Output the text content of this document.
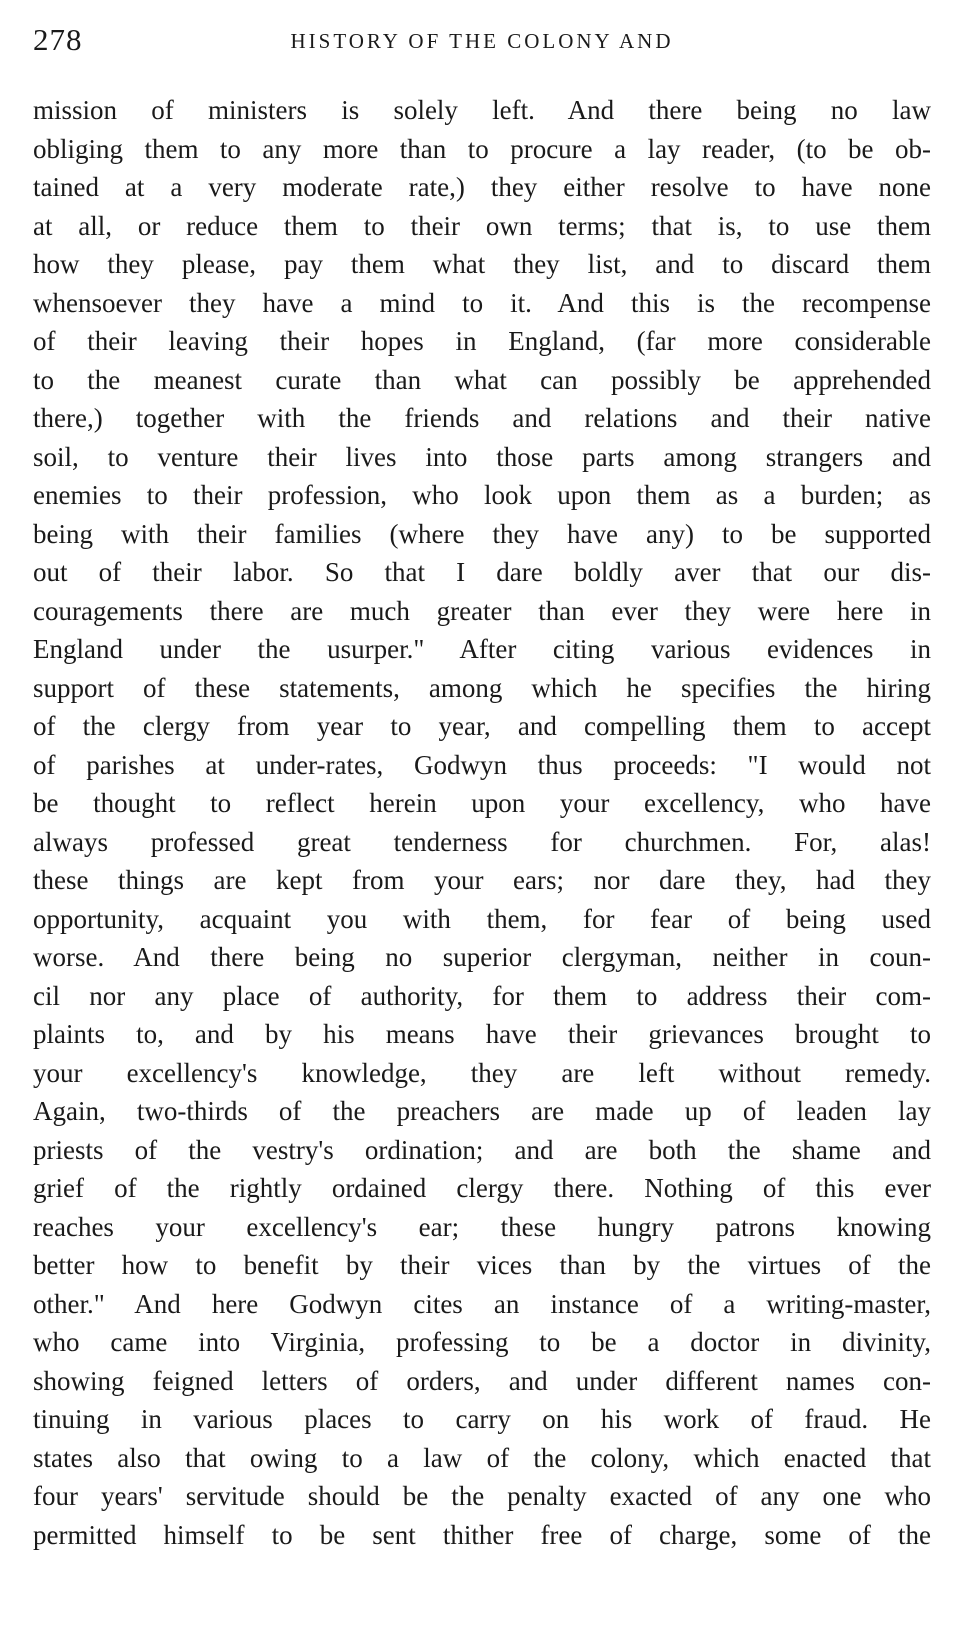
278	HISTORY OF THE COLONY AND
mission of ministers is solely left. And there being no law
obliging them to any more than to procure a lay reader, (to be ob-
tained at a very moderate rate,) they either resolve to have none
at all, or reduce them to their own terms; that is, to use them
how they please, pay them what they list, and to discard them
whensoever they have a mind to it. And this is the recompense
of their leaving their hopes in England, (far more considerable
to the meanest curate than what can possibly be apprehended
there,) together with the friends and relations and their native
soil, to venture their lives into those parts among strangers and
enemies to their profession, who look upon them as a burden; as
being with their families (where they have any) to be supported
out of their labor. So that I dare boldly aver that our dis-
couragements there are much greater than ever they were here in
England under the usurper." After citing various evidences in
support of these statements, among which he specifies the hiring
of the clergy from year to year, and compelling them to accept
of parishes at under-rates, Godwyn thus proceeds: "I would not
be thought to reflect herein upon your excellency, who have
always professed great tenderness for churchmen. For, alas!
these things are kept from your ears; nor dare they, had they
opportunity, acquaint you with them, for fear of being used
worse. And there being no superior clergyman, neither in coun-
cil nor any place of authority, for them to address their com-
plaints to, and by his means have their grievances brought to
your excellency's knowledge, they are left without remedy.
Again, two-thirds of the preachers are made up of leaden lay
priests of the vestry's ordination; and are both the shame and
grief of the rightly ordained clergy there. Nothing of this ever
reaches your excellency's ear; these hungry patrons knowing
better how to benefit by their vices than by the virtues of the
other." And here Godwyn cites an instance of a writing-master,
who came into Virginia, professing to be a doctor in divinity,
showing feigned letters of orders, and under different names con-
tinuing in various places to carry on his work of fraud. He
states also that owing to a law of the colony, which enacted that
four years' servitude should be the penalty exacted of any one who
permitted himself to be sent thither free of charge, some of the
